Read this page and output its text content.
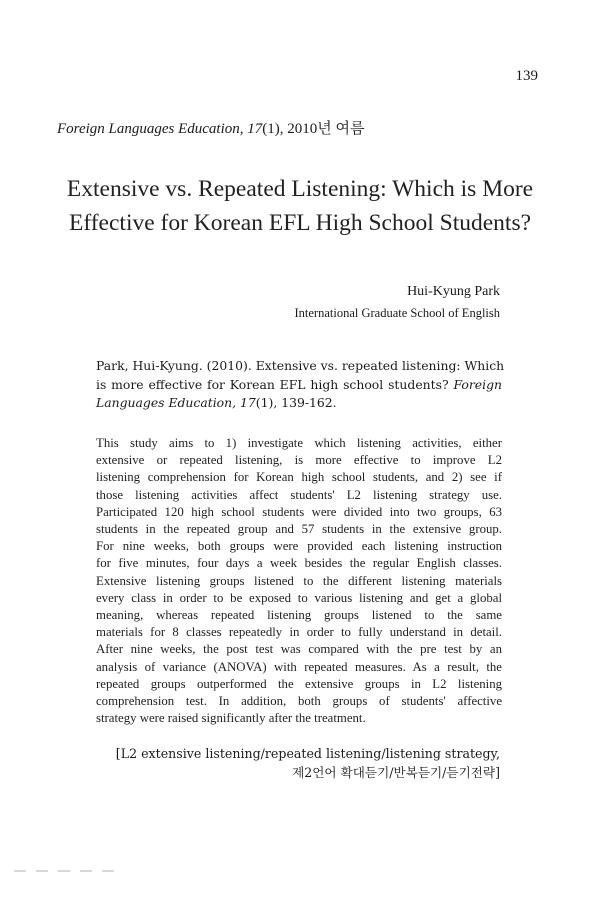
139
Foreign Languages Education, 17(1), 2010년 여름
Extensive vs. Repeated Listening: Which is More
Effective for Korean EFL High School Students?
Hui-Kyung Park
International Graduate School of English
Park, Hui-Kyung. (2010). Extensive vs. repeated listening: Which
is more effective for Korean EFL high school students? Foreign
Languages Education, 17(1), 139-162.
This study aims to 1) investigate which listening activities, either
extensive or repeated listening, is more effective to improve L2
listening comprehension for Korean high school students, and 2) see if
those listening activities affect students' L2 listening strategy use.
Participated 120 high school students were divided into two groups, 63
students in the repeated group and 57 students in the extensive group.
For nine weeks, both groups were provided each listening instruction
for five minutes, four days a week besides the regular English classes.
Extensive listening groups listened to the different listening materials
every class in order to be exposed to various listening and get a global
meaning, whereas repeated listening groups listened to the same
materials for 8 classes repeatedly in order to fully understand in detail.
After nine weeks, the post test was compared with the pre test by an
analysis of variance (ANOVA) with repeated measures. As a result, the
repeated groups outperformed the extensive groups in L2 listening
comprehension test. In addition, both groups of students' affective
strategy were raised significantly after the treatment.
[L2 extensive listening/repeated listening/listening strategy,
제2언어 확대듣기/반복듣기/듣기전략]
